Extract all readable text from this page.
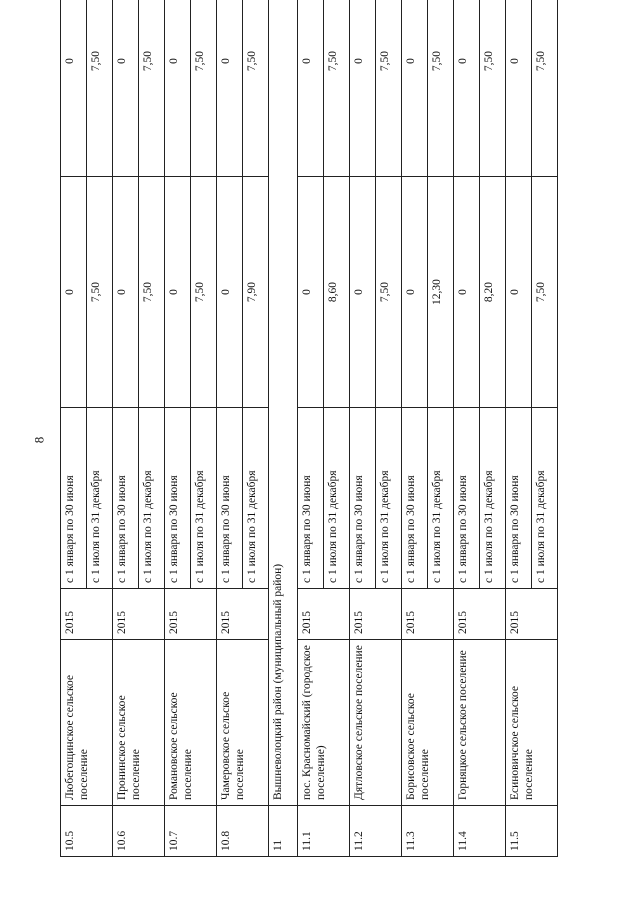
8
10.5	Любегощинское сельское поселение	2015	с 1 января по 30 июня	0	0
			с 1 июля по 31 декабря	7,50	7,50
10.6	Пронинское сельское поселение	2015	с 1 января по 30 июня	0	0
			с 1 июля по 31 декабря	7,50	7,50
10.7	Романовское сельское поселение	2015	с 1 января по 30 июня	0	0
			с 1 июля по 31 декабря	7,50	7,50
10.8	Чамеровское сельское поселение	2015	с 1 января по 30 июня	0	0
			с 1 июля по 31 декабря	7,90	7,50
11	Вышневолоцкий район (муниципальный район)				
11.1	пос. Красномайский (городское поселение)	2015	с 1 января по 30 июня	0	0
			с 1 июля по 31 декабря	8,60	7,50
11.2	Дятловское сельское поселение	2015	с 1 января по 30 июня	0	0
			с 1 июля по 31 декабря	7,50	7,50
11.3	Борисовское сельское поселение	2015	с 1 января по 30 июня	0	0
			с 1 июля по 31 декабря	12,30	7,50
11.4	Горняцкое сельское поселение	2015	с 1 января по 30 июня	0	0
			с 1 июля по 31 декабря	8,20	7,50
11.5	Есиновичское сельское поселение	2015	с 1 января по 30 июня	0	0
			с 1 июля по 31 декабря	7,50	7,50
